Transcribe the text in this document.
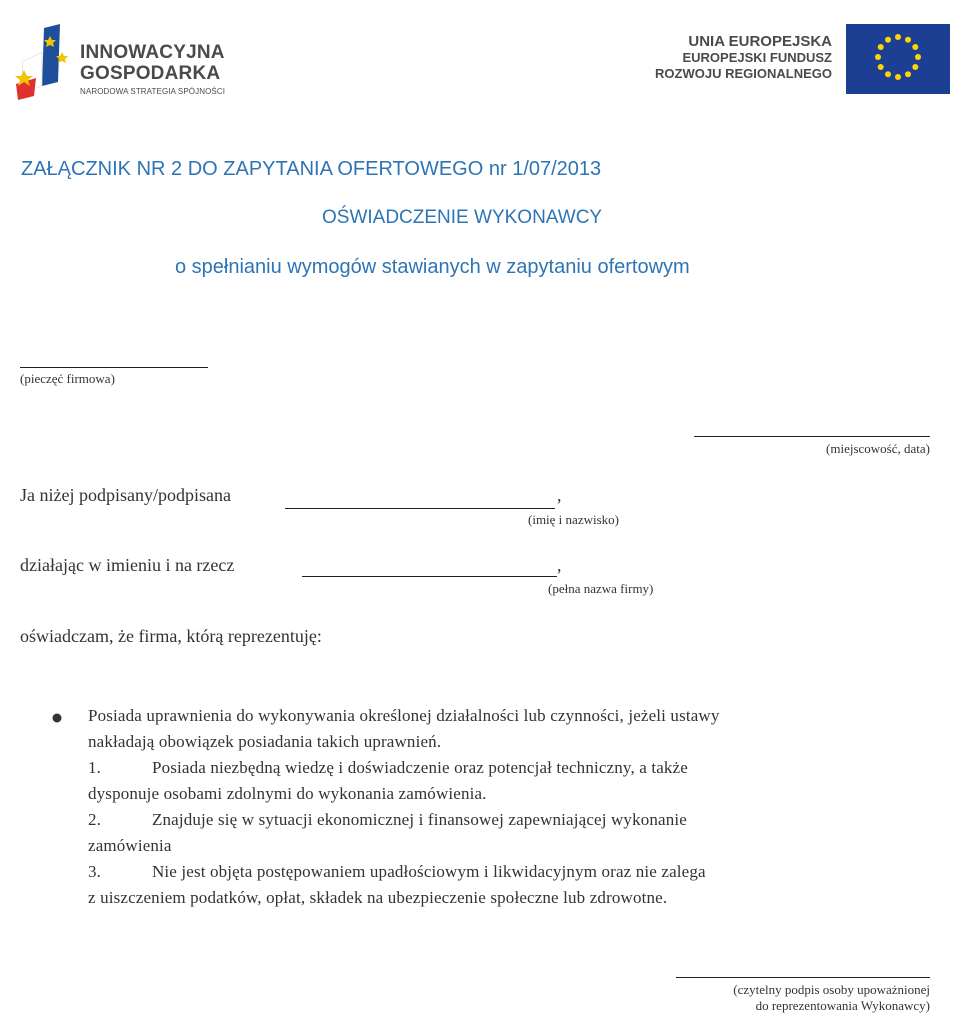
INNOWACYJNA
GOSPODARKA
NARODOWA STRATEGIA SPÓJNOŚCI
UNIA EUROPEJSKA
EUROPEJSKI FUNDUSZ
ROZWOJU REGIONALNEGO
ZAŁĄCZNIK NR 2 DO ZAPYTANIA OFERTOWEGO nr 1/07/2013
OŚWIADCZENIE WYKONAWCY
o spełnianiu wymogów stawianych w zapytaniu ofertowym
(pieczęć firmowa)
(miejscowość, data)
Ja niżej podpisany/podpisana	,
(imię i nazwisko)
działając w imieniu i na rzecz	,
(pełna nazwa firmy)
oświadczam, że firma, którą reprezentuję:
Posiada uprawnienia do wykonywania określonej działalności lub czynności, jeżeli ustawy
nakładają obowiązek posiadania takich uprawnień.
1.	Posiada niezbędną wiedzę i doświadczenie oraz potencjał techniczny, a także
dysponuje osobami zdolnymi do wykonania zamówienia.
2.	Znajduje się w sytuacji ekonomicznej i finansowej zapewniającej wykonanie
zamówienia
3.	Nie jest objęta postępowaniem upadłościowym i likwidacyjnym oraz nie zalega
z uiszczeniem podatków, opłat, składek na ubezpieczenie społeczne lub zdrowotne.
(czytelny podpis osoby upoważnionej
do reprezentowania Wykonawcy)
